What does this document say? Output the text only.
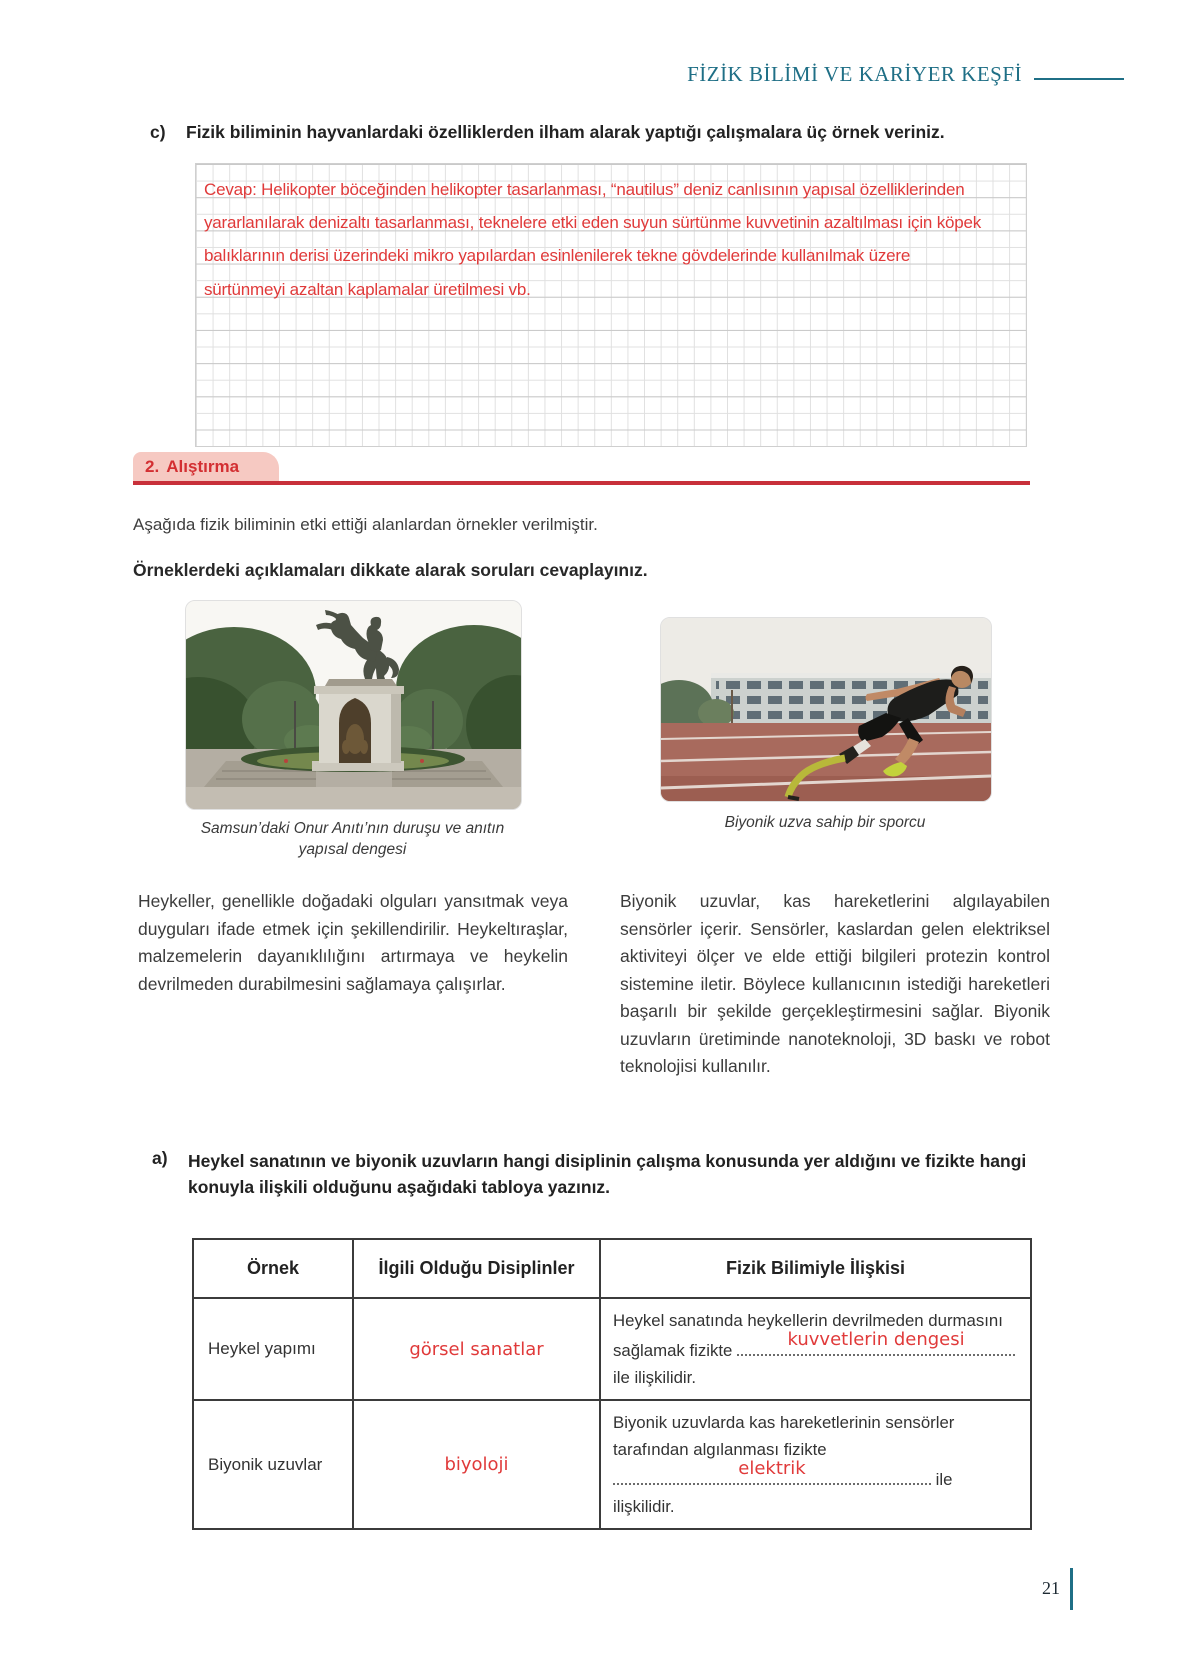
FİZİK BİLİMİ VE KARİYER KEŞFİ
c) Fizik biliminin hayvanlardaki özelliklerden ilham alarak yaptığı çalışmalara üç örnek veriniz.
Cevap: Helikopter böceğinden helikopter tasarlanması, “nautilus” deniz canlısının yapısal özelliklerinden
yararlanılarak denizaltı tasarlanması, teknelere etki eden suyun sürtünme kuvvetinin azaltılması için köpek
balıklarının derisi üzerindeki mikro yapılardan esinlenilerek tekne gövdelerinde kullanılmak üzere
sürtünmeyi azaltan kaplamalar üretilmesi vb.
2. Alıştırma
Aşağıda fizik biliminin etki ettiği alanlardan örnekler verilmiştir.
Örneklerdeki açıklamaları dikkate alarak soruları cevaplayınız.
Samsun’daki Onur Anıtı’nın duruşu ve anıtın yapısal dengesi
Biyonik uzva sahip bir sporcu
Heykeller, genellikle doğadaki olguları yansıtmak veya duyguları ifade etmek için şekillendirilir. Heykeltıraşlar, malzemelerin dayanıklılığını artırmaya ve heykelin devrilmeden durabilmesini sağlamaya çalışırlar.
Biyonik uzuvlar, kas hareketlerini algılayabilen sensörler içerir. Sensörler, kaslardan gelen elektriksel aktiviteyi ölçer ve elde ettiği bilgileri protezin kontrol sistemine iletir. Böylece kullanıcının istediği hareketleri başarılı bir şekilde gerçekleştirmesini sağlar. Biyonik uzuvların üretiminde nanoteknoloji, 3D baskı ve robot teknolojisi kullanılır.
a) Heykel sanatının ve biyonik uzuvların hangi disiplinin çalışma konusunda yer aldığını ve fizikte hangi konuyla ilişkili olduğunu aşağıdaki tabloya yazınız.
Örnek	İlgili Olduğu Disiplinler	Fizik Bilimiyle İlişkisi
Heykel yapımı	görsel sanatlar	Heykel sanatında heykellerin devrilmeden durmasını sağlamak fizikte
kuvvetlerin dengesi
ile ilişkilidir.
Biyonik uzuvlar	biyoloji	Biyonik uzuvlarda kas hareketlerinin sensörler tarafından algılanması fizikte
elektrik
ile ilişkilidir.
21
